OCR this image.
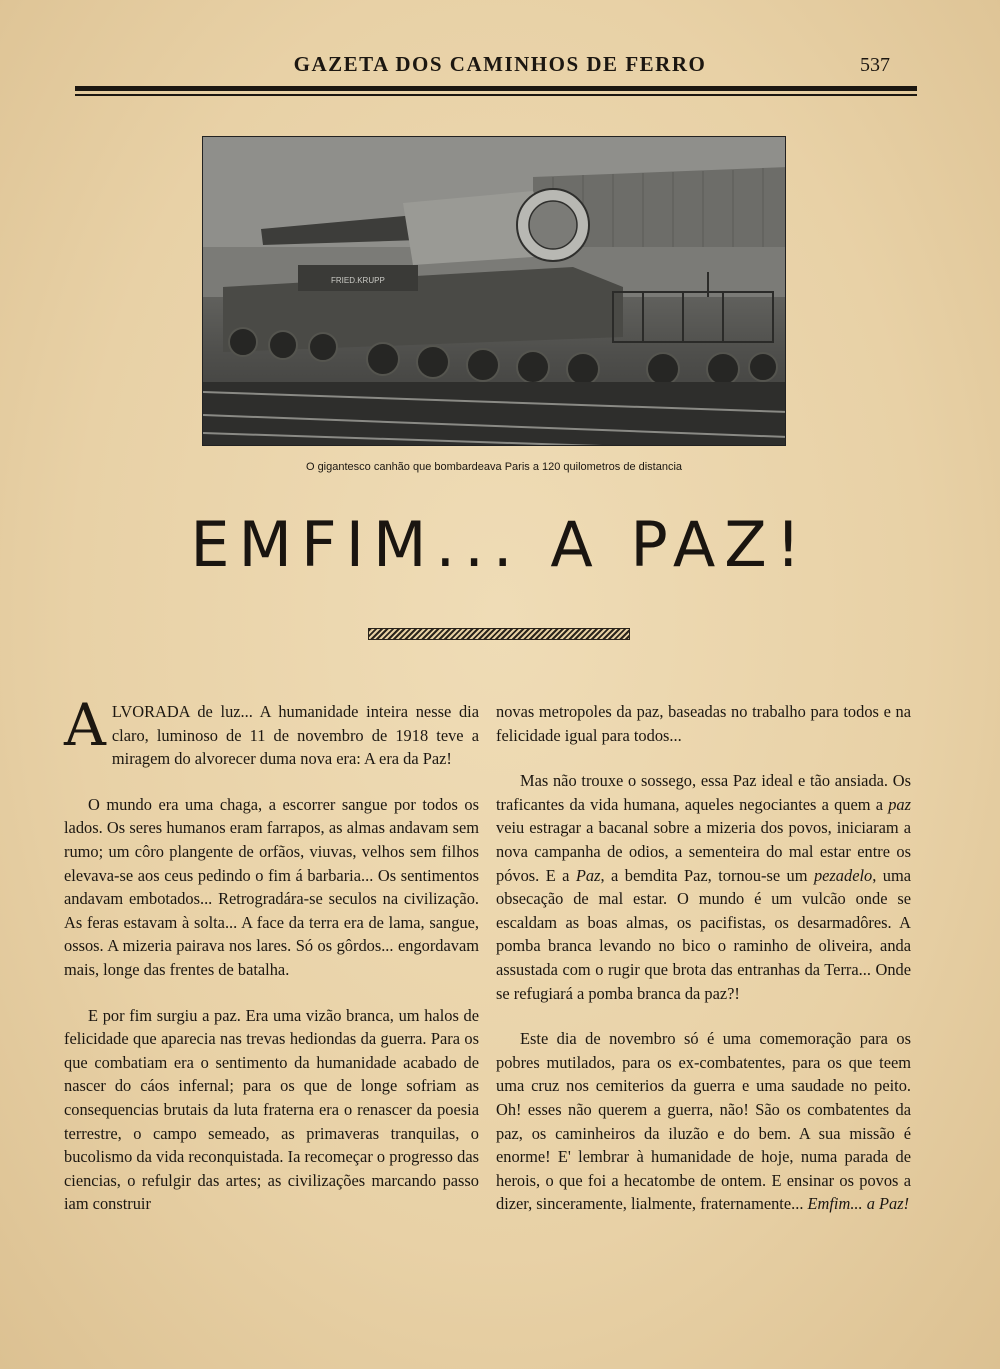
GAZETA DOS CAMINHOS DE FERRO	537
FRIED.KRUPP
O gigantesco canhão que bombardeava Paris a 120 quilometros de distancia
EMFIM... A PAZ!

ALVORADA de luz... A humanidade inteira nesse dia claro, luminoso de 11 de novembro de 1918 teve a miragem do alvorecer duma nova era: A era da Paz!

O mundo era uma chaga, a escorrer sangue por todos os lados. Os seres humanos eram farrapos, as almas andavam sem rumo; um côro plangente de orfãos, viuvas, velhos sem filhos elevava-se aos ceus pedindo o fim á barbaria... Os sentimentos andavam embotados... Retrogradára-se seculos na civilização. As feras estavam à solta... A face da terra era de lama, sangue, ossos. A mizeria pairava nos lares. Só os gôrdos... engordavam mais, longe das frentes de batalha.

E por fim surgiu a paz. Era uma vizão branca, um halos de felicidade que aparecia nas trevas hediondas da guerra. Para os que combatiam era o sentimento da humanidade acabado de nascer do cáos infernal; para os que de longe sofriam as consequencias brutais da luta fraterna era o renascer da poesia terrestre, o campo semeado, as primaveras tranquilas, o bucolismo da vida reconquistada. Ia recomeçar o progresso das ciencias, o refulgir das artes; as civilizações marcando passo iam construir

novas metropoles da paz, baseadas no trabalho para todos e na felicidade igual para todos...

Mas não trouxe o sossego, essa Paz ideal e tão ansiada. Os traficantes da vida humana, aqueles negociantes a quem a paz veiu estragar a bacanal sobre a mizeria dos povos, iniciaram a nova campanha de odios, a sementeira do mal estar entre os póvos. E a Paz, a bemdita Paz, tornou-se um pezadelo, uma obsecação de mal estar. O mundo é um vulcão onde se escaldam as boas almas, os pacifistas, os desarmadôres. A pomba branca levando no bico o raminho de oliveira, anda assustada com o rugir que brota das entranhas da Terra... Onde se refugiará a pomba branca da paz?!

Este dia de novembro só é uma comemoração para os pobres mutilados, para os ex-combatentes, para os que teem uma cruz nos cemiterios da guerra e uma saudade no peito. Oh! esses não querem a guerra, não! São os combatentes da paz, os caminheiros da iluzão e do bem. A sua missão é enorme! E' lembrar à humanidade de hoje, numa parada de herois, o que foi a hecatombe de ontem. E ensinar os povos a dizer, sinceramente, lialmente, fraternamente... Emfim... a Paz!
